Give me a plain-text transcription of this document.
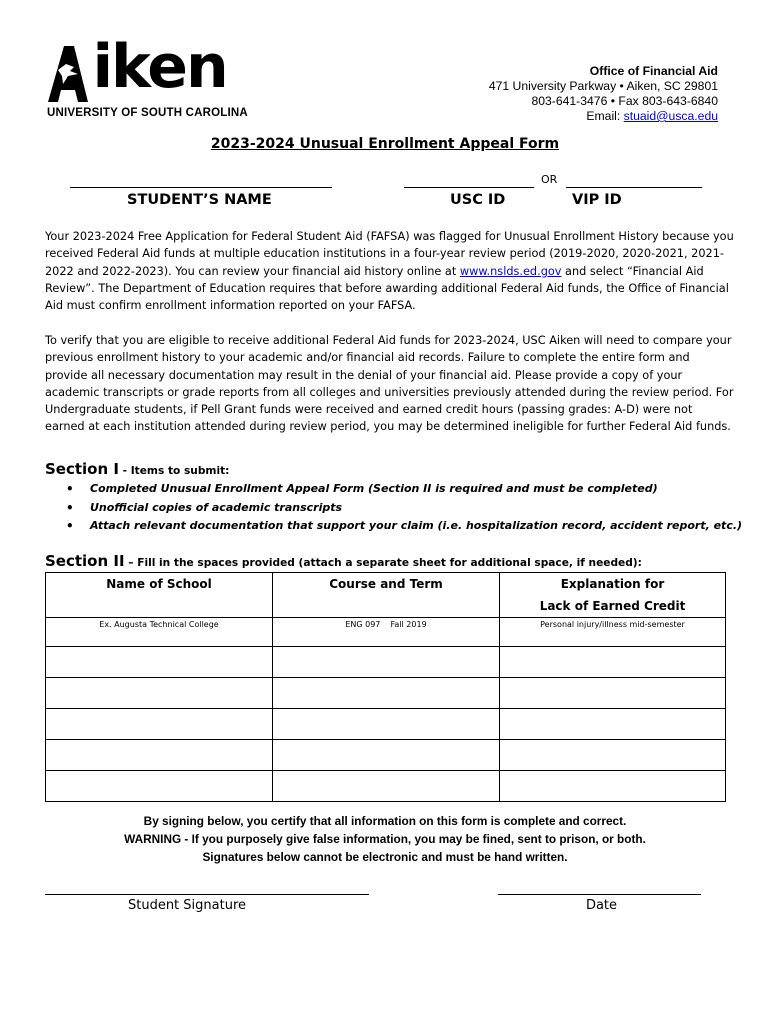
iken
UNIVERSITY OF SOUTH CAROLINA
Office of Financial Aid
471 University Parkway • Aiken, SC 29801
803-641-3476 • Fax 803-643-6840
Email: stuaid@usca.edu
2023-2024 Unusual Enrollment Appeal Form
OR
STUDENT’S NAME	USC ID	VIP ID
Your 2023-2024 Free Application for Federal Student Aid (FAFSA) was flagged for Unusual Enrollment History because you received Federal Aid funds at multiple education institutions in a four-year review period (2019-2020, 2020-2021, 2021-2022 and 2022-2023). You can review your financial aid history online at www.nslds.ed.gov and select “Financial Aid Review”. The Department of Education requires that before awarding additional Federal Aid funds, the Office of Financial Aid must confirm enrollment information reported on your FAFSA.
To verify that you are eligible to receive additional Federal Aid funds for 2023-2024, USC Aiken will need to compare your previous enrollment history to your academic and/or financial aid records. Failure to complete the entire form and provide all necessary documentation may result in the denial of your financial aid. Please provide a copy of your academic transcripts or grade reports from all colleges and universities previously attended during the review period. For Undergraduate students, if Pell Grant funds were received and earned credit hours (passing grades: A-D) were not earned at each institution attended during review period, you may be determined ineligible for further Federal Aid funds.
Section I - Items to submit:
• Completed Unusual Enrollment Appeal Form (Section II is required and must be completed)
• Unofficial copies of academic transcripts
• Attach relevant documentation that support your claim (i.e. hospitalization record, accident report, etc.)
Section II – Fill in the spaces provided (attach a separate sheet for additional space, if needed):
Name of School	Course and Term	Explanation for
Lack of Earned Credit

Ex. Augusta Technical College	ENG 097    Fall 2019	Personal injury/illness mid-semester

By signing below, you certify that all information on this form is complete and correct.
WARNING - If you purposely give false information, you may be fined, sent to prison, or both.
Signatures below cannot be electronic and must be hand written.
Student Signature	Date
